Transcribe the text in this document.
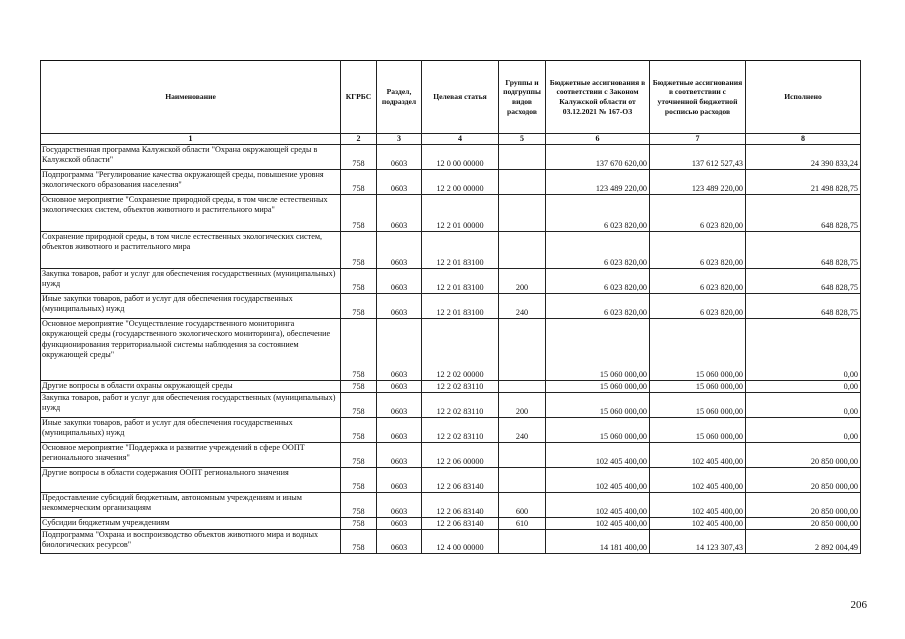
Наименование	КГРБС	Раздел, подраздел	Целевая статья	Группы и подгруппы видов расходов	Бюджетные ассигнования в соответствии с Законом Калужской области от 03.12.2021 № 167-ОЗ	Бюджетные ассигнования в соответствии с уточненной бюджетной росписью расходов	Исполнено
1	2	3	4	5	6	7	8
Государственная программа Калужской области "Охрана окружающей среды в Калужской области"	758	0603	12 0 00 00000		137 670 620,00	137 612 527,43	24 390 833,24
Подпрограмма "Регулирование качества окружающей среды, повышение уровня экологического образования населения"	758	0603	12 2 00 00000		123 489 220,00	123 489 220,00	21 498 828,75
Основное мероприятие "Сохранение природной среды, в том числе естественных экологических систем, объектов животного и растительного мира"	758	0603	12 2 01 00000		6 023 820,00	6 023 820,00	648 828,75
Сохранение природной среды, в том числе естественных экологических систем, объектов животного и растительного мира	758	0603	12 2 01 83100		6 023 820,00	6 023 820,00	648 828,75
Закупка товаров, работ и услуг для обеспечения государственных (муниципальных) нужд	758	0603	12 2 01 83100	200	6 023 820,00	6 023 820,00	648 828,75
Иные закупки товаров, работ и услуг для обеспечения государственных (муниципальных) нужд	758	0603	12 2 01 83100	240	6 023 820,00	6 023 820,00	648 828,75
Основное мероприятие "Осуществление государственного мониторинга окружающей среды (государственного экологического мониторинга), обеспечение функционирования территориальной системы наблюдения за состоянием окружающей среды"	758	0603	12 2 02 00000		15 060 000,00	15 060 000,00	0,00
Другие вопросы в области охраны окружающей среды	758	0603	12 2 02 83110		15 060 000,00	15 060 000,00	0,00
Закупка товаров, работ и услуг для обеспечения государственных (муниципальных) нужд	758	0603	12 2 02 83110	200	15 060 000,00	15 060 000,00	0,00
Иные закупки товаров, работ и услуг для обеспечения государственных (муниципальных) нужд	758	0603	12 2 02 83110	240	15 060 000,00	15 060 000,00	0,00
Основное мероприятие "Поддержка и развитие учреждений в сфере ООПТ регионального значения"	758	0603	12 2 06 00000		102 405 400,00	102 405 400,00	20 850 000,00
Другие вопросы в области содержания ООПТ регионального значения	758	0603	12 2 06 83140		102 405 400,00	102 405 400,00	20 850 000,00
Предоставление субсидий бюджетным, автономным учреждениям и иным некоммерческим организациям	758	0603	12 2 06 83140	600	102 405 400,00	102 405 400,00	20 850 000,00
Субсидии бюджетным учреждениям	758	0603	12 2 06 83140	610	102 405 400,00	102 405 400,00	20 850 000,00
Подпрограмма "Охрана и воспроизводство объектов животного мира и водных биологических ресурсов"	758	0603	12 4 00 00000		14 181 400,00	14 123 307,43	2 892 004,49
206
